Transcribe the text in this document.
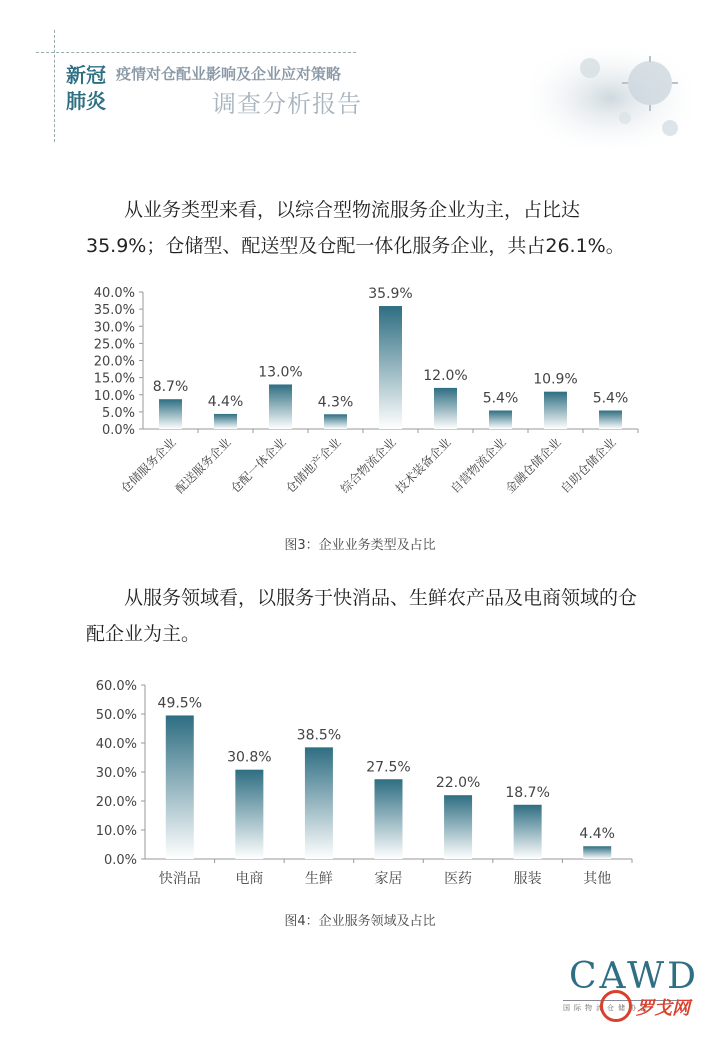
新冠
肺炎
疫情对仓配业影响及企业应对策略
调查分析报告

从业务类型来看，以综合型物流服务企业为主，占比达35.9%；仓储型、配送型及仓配一体化服务企业，共占26.1%。

0.0%
5.0%
10.0%
15.0%
20.0%
25.0%
30.0%
35.0%
40.0%
8.7%
仓储服务企业
4.4%
配送服务企业
13.0%
仓配一体企业
4.3%
仓储地产企业
35.9%
综合物流企业
12.0%
技术装备企业
5.4%
自营物流企业
10.9%
金融仓储企业
5.4%
自助仓储企业
图3：企业业务类型及占比

从服务领域看，以服务于快消品、生鲜农产品及电商领域的仓配企业为主。

0.0%
10.0%
20.0%
30.0%
40.0%
50.0%
60.0%
49.5%
快消品
30.8%
电商
38.5%
生鲜
27.5%
家居
22.0%
医药
18.7%
服装
4.4%
其他
图4：企业服务领域及占比
CAWD
国际物流仓储协会
罗戈网
